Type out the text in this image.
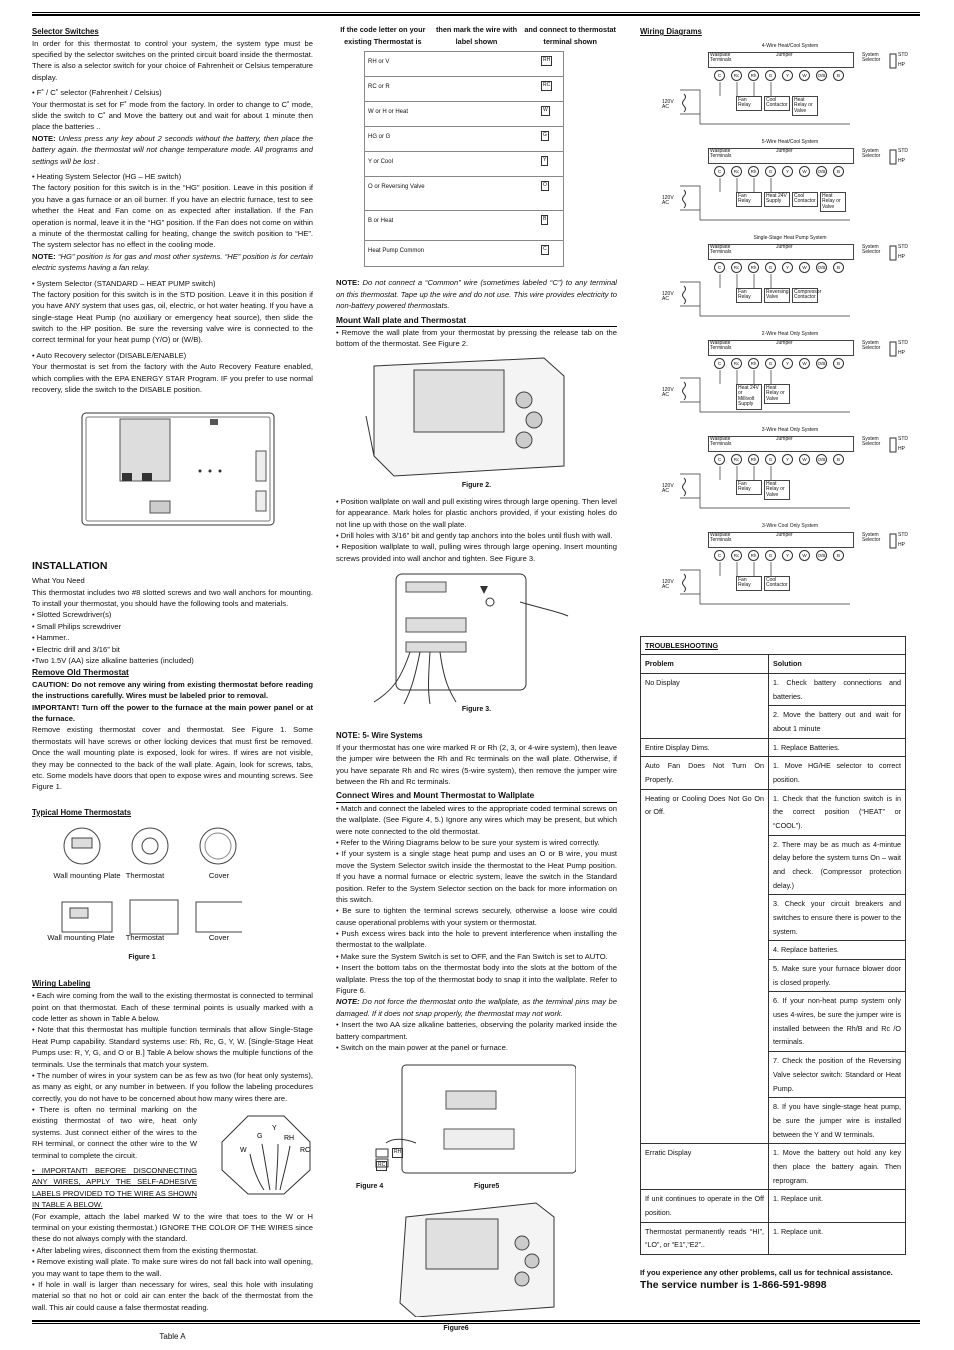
Selector Switches

In order for this thermostat to control your system, the system type must be specified by the selector switches on the printed circuit board inside the thermostat. There is also a selector switch for your choice of Fahrenheit or Celsius temperature display.

• F˚ / C˚ selector (Fahrenheit / Celsius)

Your thermostat is set for F˚ mode from the factory. In order to change to C˚ mode, slide the switch to C˚ and Move the battery out and wait for about 1 minute then place the batteries ..

NOTE: Unless press any key about 2 seconds without the battery, then place the battery again. the thermostat will not change temperature mode. All programs and settings will be lost .

• Heating System Selector (HG – HE switch)

The factory position for this switch is in the “HG” position. Leave in this position if you have a gas furnace or an oil burner. If you have an electric furnace, test to see whether the Heat and Fan come on as expected after installation. If the Fan operation is normal, leave it in the “HG” position. If the Fan does not come on within a minute of the thermostat calling for heating, change the switch position to “HE”. The system selector has no effect in the cooling mode.

NOTE: “HG” position is for gas and most other systems. “HE” position is for certain electric systems having a fan relay.

• System Selector (STANDARD – HEAT PUMP switch)

The factory position for this switch is in the STD position. Leave it in this position if you have ANY system that uses gas, oil, electric, or hot water heating. If you have a single-stage Heat Pump (no auxiliary or emergency heat source), then slide the switch to the HP position. Be sure the reversing valve wire is connected to the correct terminal for your heat pump (Y/O) or (W/B).

• Auto Recovery selector (DISABLE/ENABLE)

Your thermostat is set from the factory with the Auto Recovery Feature enabled, which complies with the EPA ENERGY STAR Program. IF you prefer to use normal recovery, slide the switch to the DISABLE position.

INSTALLATION

What You Need

This thermostat includes two #8 slotted screws and two wall anchors for mounting. To install your thermostat, you should have the following tools and materials.

• Slotted Screwdriver(s)
• Small Philips screwdriver
• Hammer..
• Electric drill and 3/16” bit
•Two 1.5V (AA) size alkaline batteries (included)
Remove Old Thermostat

CAUTION: Do not remove any wiring from existing thermostat before reading the instructions carefully. Wires must be labeled prior to removal.

IMPORTANT! Turn off the power to the furnace at the main power panel or at the furnace.

Remove existing thermostat cover and thermostat. See Figure 1. Some thermostats will have screws or other locking devices that must first be removed. Once the wall mounting plate is exposed, look for wires. If wires are not visible, they may be connected to the back of the wall plate. Again, look for screws, tabs, etc. Some models have doors that open to expose wires and mounting screws. See Figure 1.

Typical Home Thermostats
Wall mounting Plate Thermostat	Cover
Wall mounting Plate	Thermostat	Cover
Figure 1
Wiring Labeling

• Each wire coming from the wall to the existing thermostat is connected to terminal point on that thermostat. Each of these terminal points is usually marked with a code letter as shown in Table A below.

• Note that this thermostat has multiple function terminals that allow Single-Stage Heat Pump capability. Standard systems use: Rh, Rc, G, Y, W. [Single-Stage Heat Pumps use: R, Y, G, and O or B.] Table A below shows the multiple functions of the terminals. Use the terminals that match your system.

• The number of wires in your system can be as few as two (for heat only systems), as many as eight, or any number in between. If you follow the labeling procedures correctly, you do not have to be concerned about how many wires there are.

• There is often no terminal marking on the existing thermostat of two wire, heat only systems. Just connect either of the wires to the RH terminal, or connect the other wire to the W terminal to complete the circuit.

G
Y
RH
RC
W

• IMPORTANT! BEFORE DISCONNECTING ANY WIRES, APPLY THE SELF-ADHESIVE LABELS PROVIDED TO THE WIRE AS SHOWN IN TABLE A BELOW.

(For example, attach the label marked W to the wire that toes to the W or H terminal on your existing thermostat.) IGNORE THE COLOR OF THE WIRES since these do not always comply with the standard.

• After labeling wires, disconnect them from the existing thermostat.

• Remove existing wall plate. To make sure wires do not fall back into wall opening, you may want to tape them to the wall.

• If hole in wall is larger than necessary for wires, seal this hole with insulating material so that no hot or cold air can enter the back of the thermostat from the wall. This air could cause a false thermostat reading.

Table A
If the code letter on your existing Thermostat is
then mark the wire with label shown
and connect to thermostat terminal shown
RH or V	RH
RC or R	RC
W or H or Heat	W
HG or G	G
Y or Cool	Y
O or Reversing Valve	O
B or Heat	B
Heat Pump Common	C

NOTE: Do not connect a “Common” wire (sometimes labeled “C”) to any terminal on this thermostat. Tape up the wire and do not use. This wire provides electricity to non-battery powered thermostats.

Mount Wall plate and Thermostat

• Remove the wall plate from your thermostat by pressing the release tab on the bottom of the thermostat. See Figure 2.

Figure 2.

• Position wallplate on wall and pull existing wires through large opening. Then level for appearance. Mark holes for plastic anchors provided, if your existing holes do not line up with those on the wall plate.

• Drill holes with 3/16” bit and gently tap anchors into the boles until flush with wall.

• Reposition wallplate to wall, pulling wires through large opening. Insert mounting screws provided into wall anchor and tighten. See Figure 3.

Figure 3.
NOTE: 5- Wire Systems

If your thermostat has one wire marked R or Rh (2, 3, or 4-wire system), then leave the jumper wire between the Rh and Rc terminals on the wall plate. Otherwise, if you have separate Rh and Rc wires (5-wire system), then remove the jumper wire between the Rh and Rc terminals.

Connect Wires and Mount Thermostat to Wallplate

• Match and connect the labeled wires to the appropriate coded terminal screws on the wallplate. (See Figure 4, 5.) Ignore any wires which may be present, but which were note connected to the old thermostat.

• Refer to the Wiring Diagrams below to be sure your system is wired correctly.

• If your system is a single stage heat pump and uses an O or B wire, you must move the System Selector switch inside the thermostat to the Heat Pump position. If you have a normal furnace or electric system, leave the switch in the Standard position. Refer to the System Selector section on the back for more information on this switch.

• Be sure to tighten the terminal screws securely, otherwise a loose wire could cause operational problems with your system or thermostat.

• Push excess wires back into the hole to prevent interference when installing the thermostat to the wallplate.

• Make sure the System Switch is set to OFF, and the Fan Switch is set to AUTO.

• Insert the bottom tabs on the thermostat body into the slots at the bottom of the wallplate. Press the top of the thermostat body to snap it into the wallplate. Refer to Figure 6.

NOTE: Do not force the thermostat onto the wallplate, as the terminal pins may be damaged. If it does not snap properly, the thermostat may not work.

• Insert the two AA size alkaline batteries, observing the polarity marked inside the battery compartment.

• Switch on the main power at the panel or furnace.

RH
RC
Figure 4	Figure5
Figure6
Wiring Diagrams
4-Wire Heat/Cool System
Wallplate Terminals
Jumper	System Selector
STD
HP
120V AC
C	Rc	Rh	G	Y	W	O/B	B
Fan Relay
Cool Contactor
Heat Relay or Valve
5-Wire Heat/Cool System
Wallplate Terminals
Jumper	System Selector
STD
HP
120V AC
C	Rc	Rh	G	Y	W	O/B	B
Fan Relay
Heat 24V Supply
Cool Contactor
Heat Relay or Valve
Single-Stage Heat Pump System
Wallplate Terminals
Jumper	System Selector
STD
HP
120V AC
C	Rc	Rh	G	Y	W	O/B	B
Fan Relay
Reversing Valve
Compressor Contactor
2-Wire Heat Only System
Wallplate Terminals
Jumper	System Selector
STD
HP
120V AC
C	Rc	Rh	G	Y	W	O/B	B
Heat 24V or Millivolt Supply
Heat Relay or Valve
3-Wire Heat Only System
Wallplate Terminals
Jumper	System Selector
STD
HP
120V AC
C	Rc	Rh	G	Y	W	O/B	B
Fan Relay
Heat Relay or Valve
3-Wire Cool Only System
Wallplate Terminals
Jumper	System Selector
STD
HP
120V AC
C	Rc	Rh	G	Y	W	O/B	B
Fan Relay
Cool Contactor
TROUBLESHOOTING	
Problem	Solution
No Display	1. Check battery connections and batteries.
	2. Move the battery out and wait for about 1 minute
Entire Display Dims.	1. Replace Batteries.
Auto Fan Does Not Turn On Properly.	1. Move HG/HE selector to correct position.
Heating or Cooling Does Not Go On or Off.	1. Check that the function switch is in the correct position (“HEAT” or “COOL”).
	2. There may be as much as 4-mintue delay before the system turns On – wait and check. (Compressor protection delay.)
	3. Check your circuit breakers and switches to ensure there is power to the system.
	4. Replace batteries.
	5. Make sure your furnace blower door is closed properly.
	6. If your non-heat pump system only uses 4-wires, be sure the jumper wire is installed between the Rh/B and Rc /O terminals.
	7. Check the position of the Reversing Valve selector switch: Standard or Heat Pump.
	8. If you have single-stage heat pump, be sure the jumper wire is installed between the Y and W terminals.
Erratic Display	1. Move the battery out hold any key then place the battery again. Then reprogram.
If unit continues to operate in the Off position.	1. Replace unit.
Thermostat permanently reads “HI”, “LO”, or “E1”,“E2”..	1. Replace unit.

If you experience any other problems, call us for technical assistance.

The service number is 1-866-591-9898
